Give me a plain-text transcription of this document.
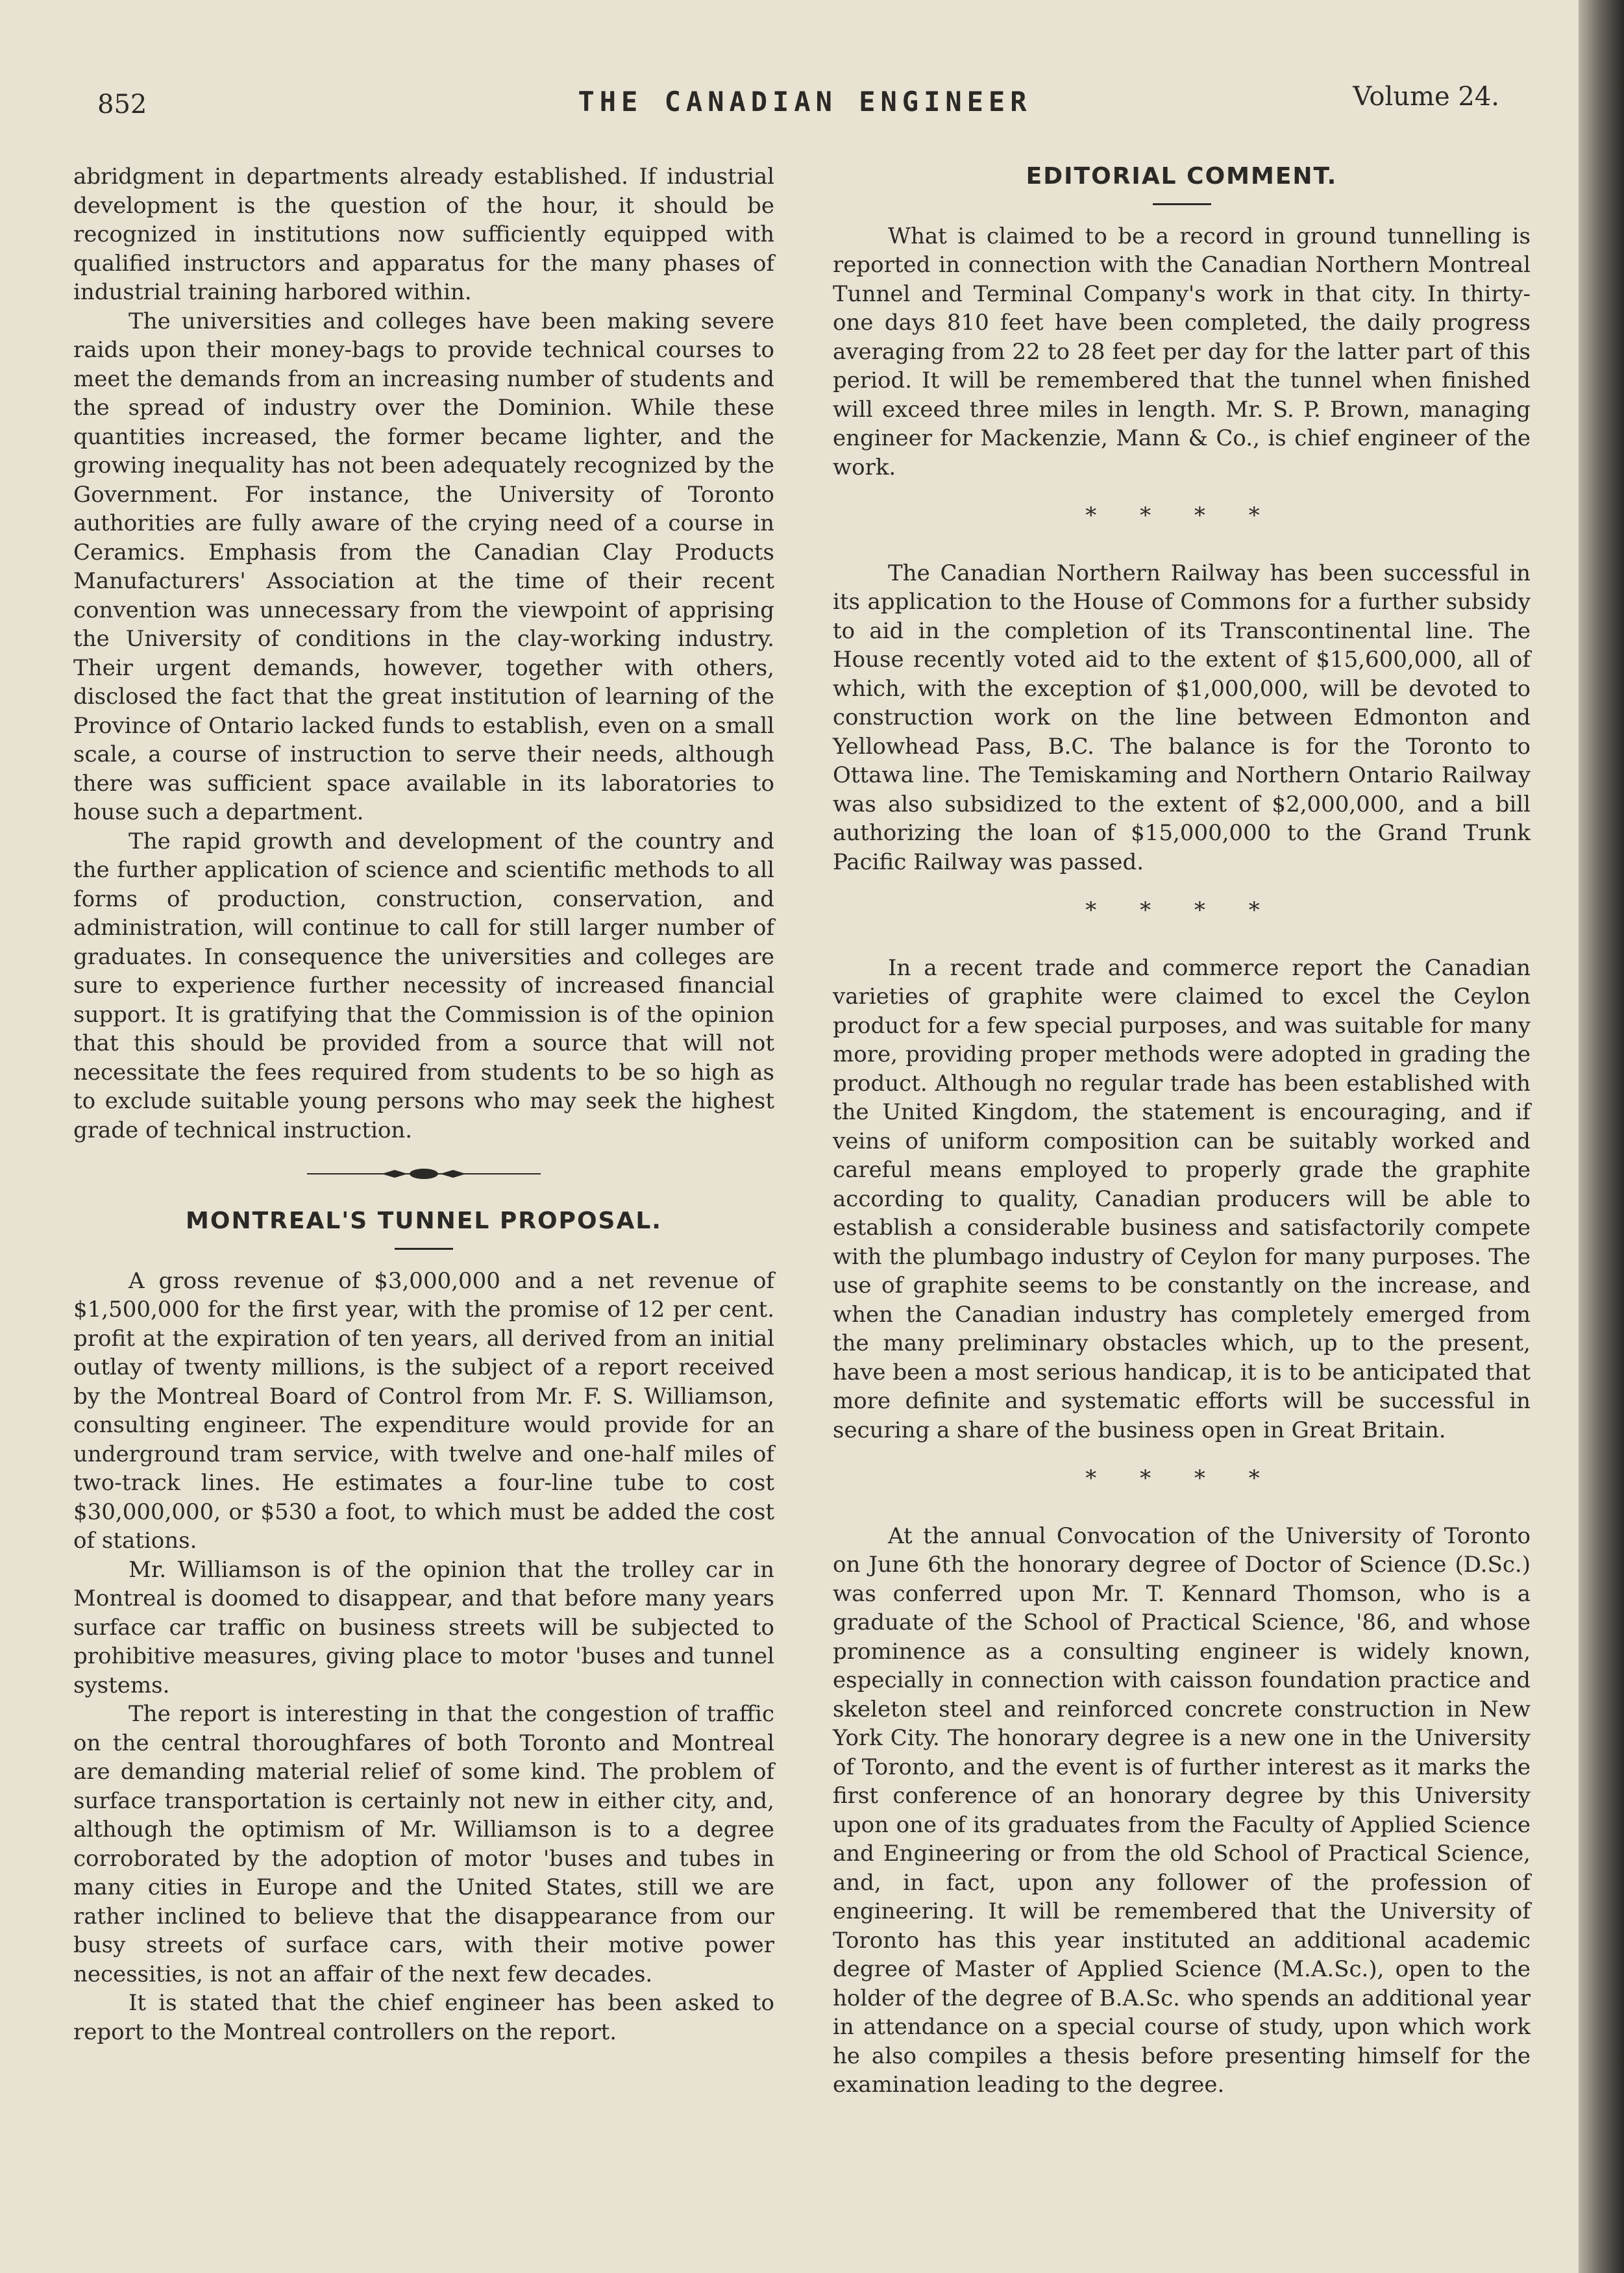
852	THE CANADIAN ENGINEER	Volume 24.

abridgment in departments already established. If industrial development is the question of the hour, it should be recognized in institutions now sufficiently equipped with qualified instructors and apparatus for the many phases of industrial training harbored within.

The universities and colleges have been making severe raids upon their money-bags to provide technical courses to meet the demands from an increasing number of students and the spread of industry over the Dominion. While these quantities increased, the former became lighter, and the growing inequality has not been adequately recognized by the Government. For instance, the University of Toronto authorities are fully aware of the crying need of a course in Ceramics. Emphasis from the Canadian Clay Products Manufacturers' Association at the time of their recent convention was unnecessary from the viewpoint of apprising the University of conditions in the clay-working industry. Their urgent demands, however, together with others, disclosed the fact that the great institution of learning of the Province of Ontario lacked funds to establish, even on a small scale, a course of instruction to serve their needs, although there was sufficient space available in its laboratories to house such a department.

The rapid growth and development of the country and the further application of science and scientific methods to all forms of production, construction, conservation, and administration, will continue to call for still larger number of graduates. In consequence the universities and colleges are sure to experience further necessity of increased financial support. It is gratifying that the Commission is of the opinion that this should be provided from a source that will not necessitate the fees required from students to be so high as to exclude suitable young persons who may seek the highest grade of technical instruction.

MONTREAL'S TUNNEL PROPOSAL.

A gross revenue of $3,000,000 and a net revenue of $1,500,000 for the first year, with the promise of 12 per cent. profit at the expiration of ten years, all derived from an initial outlay of twenty millions, is the subject of a report received by the Montreal Board of Control from Mr. F. S. Williamson, consulting engineer. The expenditure would provide for an underground tram service, with twelve and one-half miles of two-track lines. He estimates a four-line tube to cost $30,000,000, or $530 a foot, to which must be added the cost of stations.

Mr. Williamson is of the opinion that the trolley car in Montreal is doomed to disappear, and that before many years surface car traffic on business streets will be subjected to prohibitive measures, giving place to motor 'buses and tunnel systems.

The report is interesting in that the congestion of traffic on the central thoroughfares of both Toronto and Montreal are demanding material relief of some kind. The problem of surface transportation is certainly not new in either city, and, although the optimism of Mr. Williamson is to a degree corroborated by the adoption of motor 'buses and tubes in many cities in Europe and the United States, still we are rather inclined to believe that the disappearance from our busy streets of surface cars, with their motive power necessities, is not an affair of the next few decades.

It is stated that the chief engineer has been asked to report to the Montreal controllers on the report.

EDITORIAL COMMENT.

What is claimed to be a record in ground tunnelling is reported in connection with the Canadian Northern Montreal Tunnel and Terminal Company's work in that city. In thirty-one days 810 feet have been completed, the daily progress averaging from 22 to 28 feet per day for the latter part of this period. It will be remembered that the tunnel when finished will exceed three miles in length. Mr. S. P. Brown, managing engineer for Mackenzie, Mann & Co., is chief engineer of the work.

* * * *

The Canadian Northern Railway has been successful in its application to the House of Commons for a further subsidy to aid in the completion of its Transcontinental line. The House recently voted aid to the extent of $15,600,000, all of which, with the exception of $1,000,000, will be devoted to construction work on the line between Edmonton and Yellowhead Pass, B.C. The balance is for the Toronto to Ottawa line. The Temiskaming and Northern Ontario Railway was also subsidized to the extent of $2,000,000, and a bill authorizing the loan of $15,000,000 to the Grand Trunk Pacific Railway was passed.

* * * *

In a recent trade and commerce report the Canadian varieties of graphite were claimed to excel the Ceylon product for a few special purposes, and was suitable for many more, providing proper methods were adopted in grading the product. Although no regular trade has been established with the United Kingdom, the statement is encouraging, and if veins of uniform composition can be suitably worked and careful means employed to properly grade the graphite according to quality, Canadian producers will be able to establish a considerable business and satisfactorily compete with the plumbago industry of Ceylon for many purposes. The use of graphite seems to be constantly on the increase, and when the Canadian industry has completely emerged from the many preliminary obstacles which, up to the present, have been a most serious handicap, it is to be anticipated that more definite and systematic efforts will be successful in securing a share of the business open in Great Britain.

* * * *

At the annual Convocation of the University of Toronto on June 6th the honorary degree of Doctor of Science (D.Sc.) was conferred upon Mr. T. Kennard Thomson, who is a graduate of the School of Practical Science, '86, and whose prominence as a consulting engineer is widely known, especially in connection with caisson foundation practice and skeleton steel and reinforced concrete construction in New York City. The honorary degree is a new one in the University of Toronto, and the event is of further interest as it marks the first conference of an honorary degree by this University upon one of its graduates from the Faculty of Applied Science and Engineering or from the old School of Practical Science, and, in fact, upon any follower of the profession of engineering. It will be remembered that the University of Toronto has this year instituted an additional academic degree of Master of Applied Science (M.A.Sc.), open to the holder of the degree of B.A.Sc. who spends an additional year in attendance on a special course of study, upon which work he also compiles a thesis before presenting himself for the examination leading to the degree.
